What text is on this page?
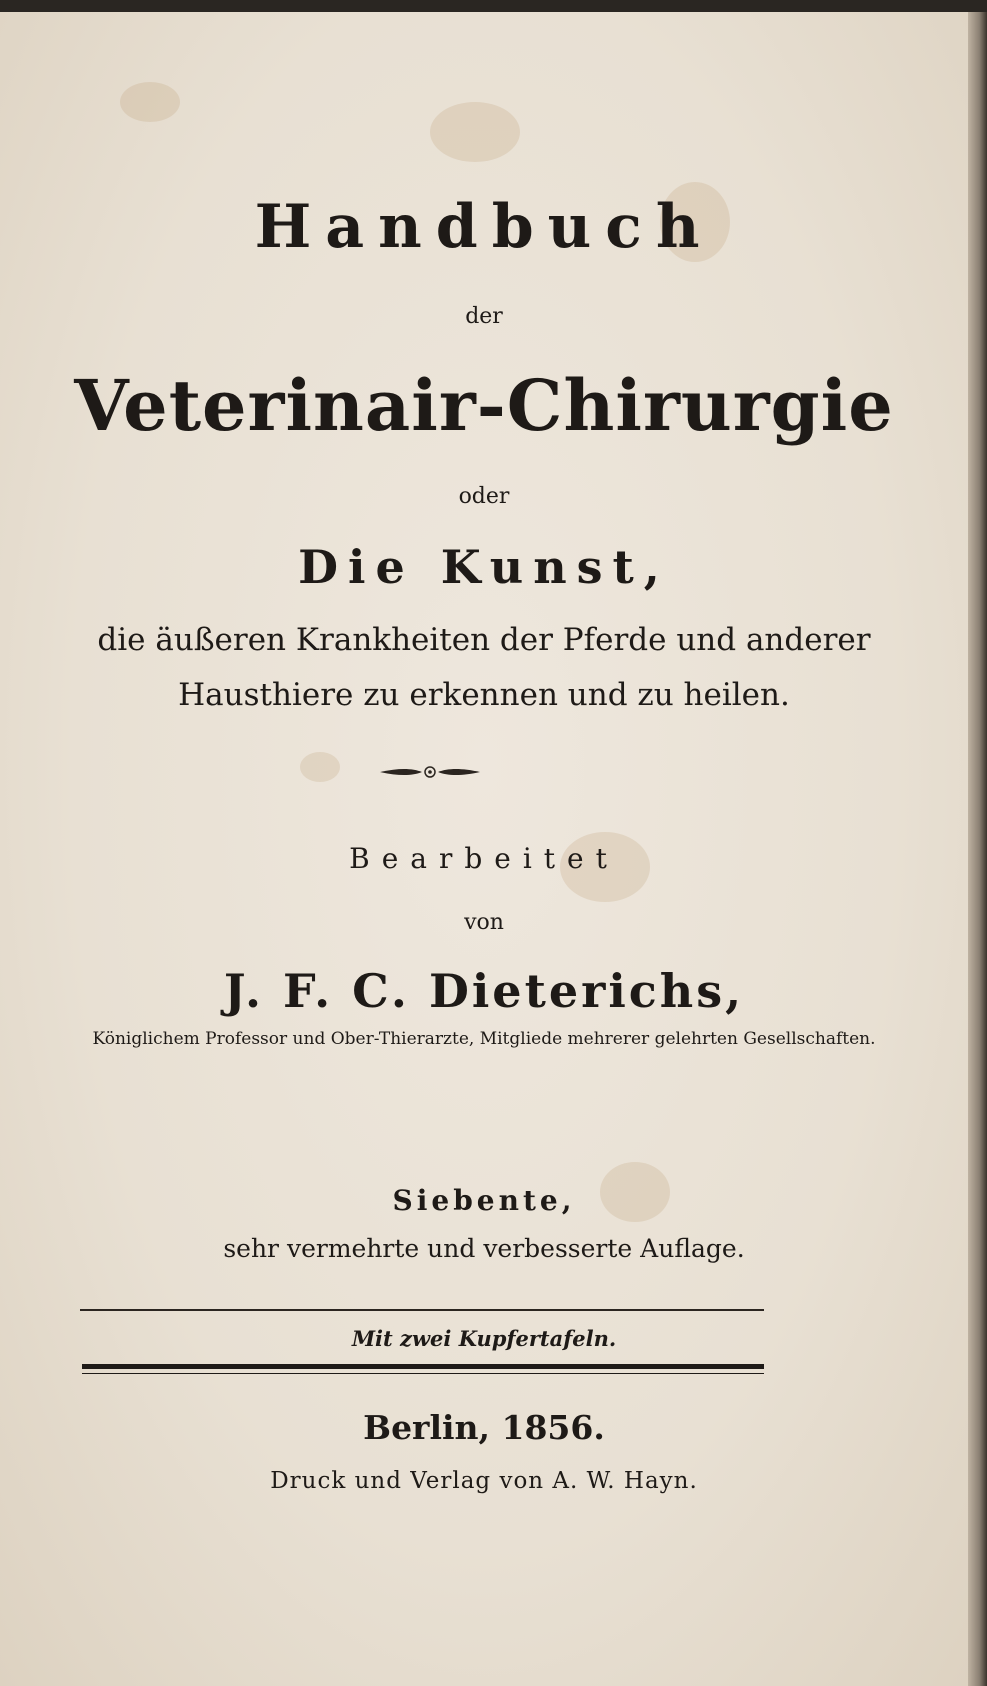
Handbuch
der
Veterinair-Chirurgie
oder
Die Kunst,
die äußeren Krankheiten der Pferde und anderer
Hausthiere zu erkennen und zu heilen.
Bearbeitet
von
J. F. C. Dieterichs,
Königlichem Professor und Ober-Thierarzte, Mitgliede mehrerer gelehrten Gesellschaften.
Siebente,
sehr vermehrte und verbesserte Auflage.
Mit zwei Kupfertafeln.
Berlin, 1856.
Druck und Verlag von A. W. Hayn.
